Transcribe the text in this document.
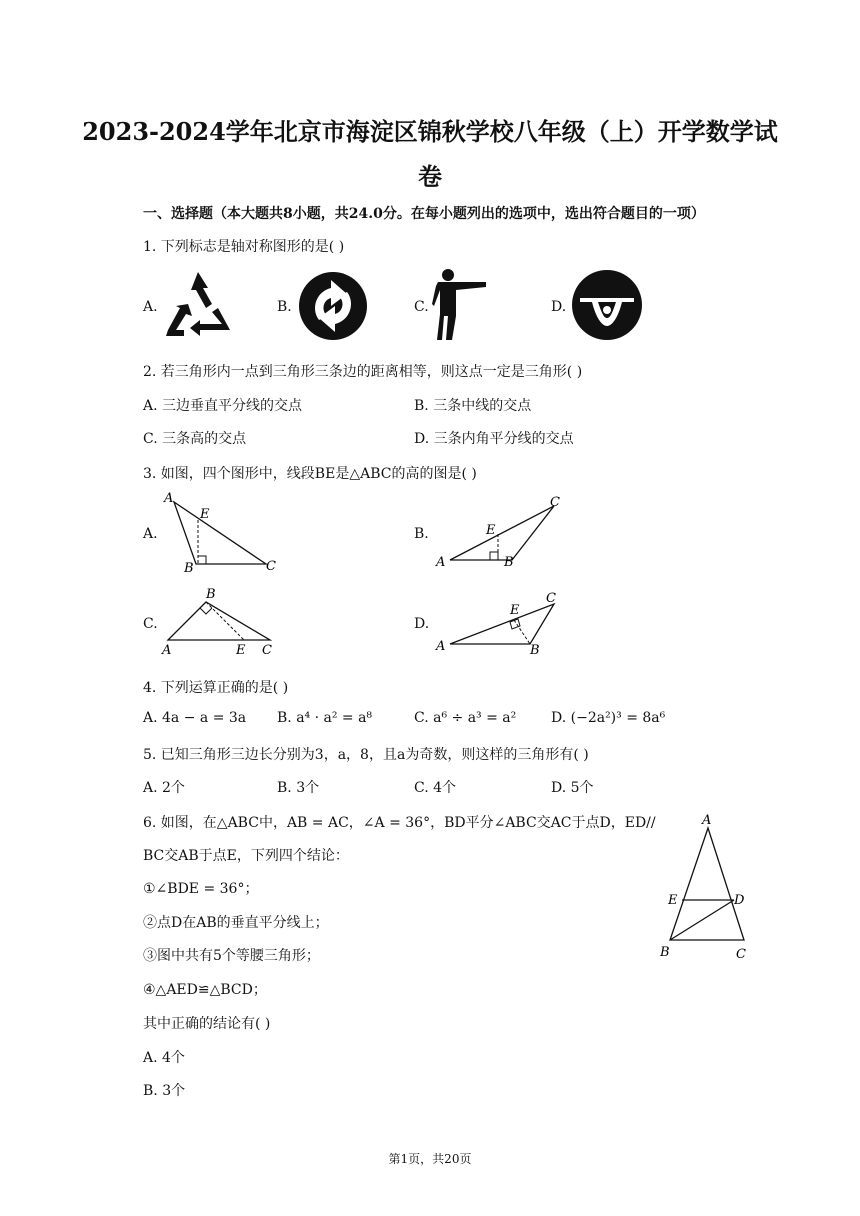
2023-2024学年北京市海淀区锦秋学校八年级（上）开学数学试
卷
一、选择题（本大题共8小题，共24.0分。在每小题列出的选项中，选出符合题目的一项）
1. 下列标志是轴对称图形的是( )
A.	B.	C.	D.
2. 若三角形内一点到三角形三条边的距离相等，则这点一定是三角形( )
A. 三边垂直平分线的交点	B. 三条中线的交点
C. 三条高的交点	D. 三条内角平分线的交点
3. 如图，四个图形中，线段BE是△ABC的高的图是( )
A.
A
E
B	C
B.
A
E
B
C
C.
A
B
E C
D.
A
E
C
B
4. 下列运算正确的是( )
A. 4a − a = 3a B. a⁴ · a² = a⁸	C. a⁶ ÷ a³ = a² D. (−2a²)³ = 8a⁶
5. 已知三角形三边长分别为3，a，8，且a为奇数，则这样的三角形有( )
A. 2个	B. 3个	C. 4个	D. 5个
6. 如图，在△ABC中，AB = AC，∠A = 36°，BD平分∠ABC交AC于点D，ED//
BC交AB于点E，下列四个结论：
①∠BDE = 36°；
②点D在AB的垂直平分线上；
③图中共有5个等腰三角形；
④△AED≌△BCD；
其中正确的结论有( )
A. 4个
B. 3个
A
E	D
B	C
第1页，共20页
